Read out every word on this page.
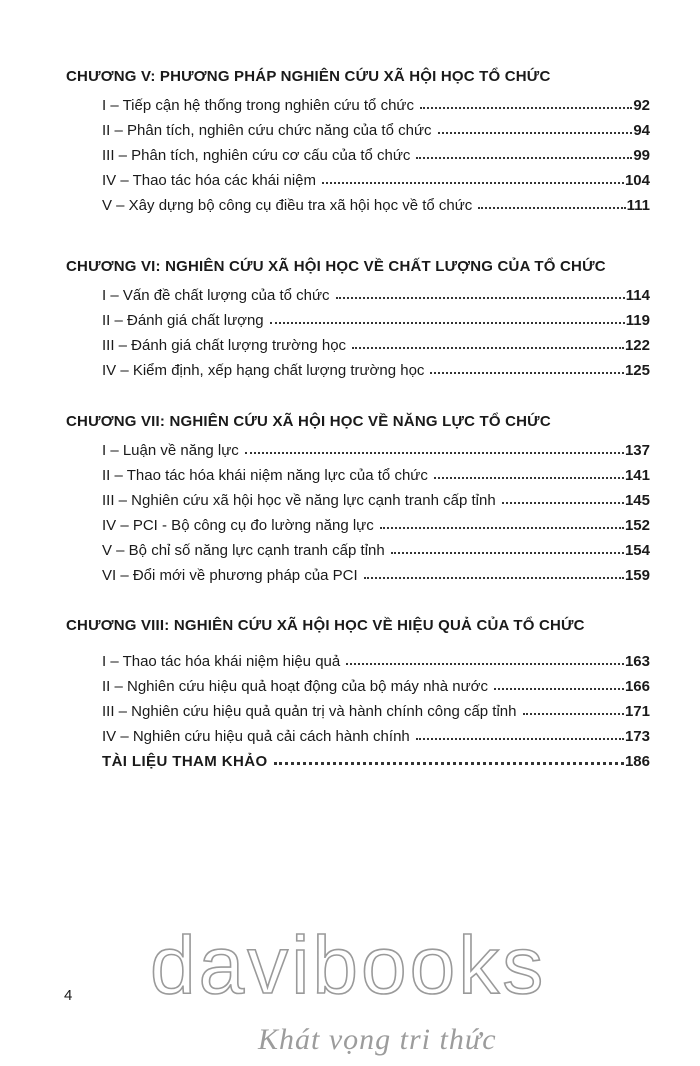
CHƯƠNG V: PHƯƠNG PHÁP NGHIÊN CỨU XÃ HỘI HỌC TỔ CHỨC
I – Tiếp cận hệ thống trong nghiên cứu tổ chức	92
II – Phân tích, nghiên cứu chức năng của tổ chức	94
III – Phân tích, nghiên cứu cơ cấu của tổ chức	99
IV – Thao tác hóa các khái niệm	104
V – Xây dựng bộ công cụ điều tra xã hội học về tổ chức	111
CHƯƠNG VI: NGHIÊN CỨU XÃ HỘI HỌC VỀ CHẤT LƯỢNG CỦA TỔ CHỨC
I – Vấn đề chất lượng của tổ chức	114
II – Đánh giá chất lượng	119
III – Đánh giá chất lượng trường học	122
IV – Kiểm định, xếp hạng chất lượng trường học	125
CHƯƠNG VII: NGHIÊN CỨU XÃ HỘI HỌC VỀ NĂNG LỰC TỔ CHỨC
I – Luận về năng lực	137
II – Thao tác hóa khái niệm năng lực của tổ chức	141
III – Nghiên cứu xã hội học về năng lực cạnh tranh cấp tỉnh	145
IV – PCI - Bộ công cụ đo lường năng lực	152
V – Bộ chỉ số năng lực cạnh tranh cấp tỉnh	154
VI – Đổi mới về phương pháp của PCI	159
CHƯƠNG VIII: NGHIÊN CỨU XÃ HỘI HỌC VỀ HIỆU QUẢ CỦA TỔ CHỨC
I – Thao tác hóa khái niệm hiệu quả	163
II – Nghiên cứu hiệu quả hoạt động của bộ máy nhà nước	166
III – Nghiên cứu hiệu quả quản trị và hành chính công cấp tỉnh	171
IV – Nghiên cứu hiệu quả cải cách hành chính	173
TÀI LIỆU THAM KHẢO	186
4 davibooks
Khát vọng tri thức
